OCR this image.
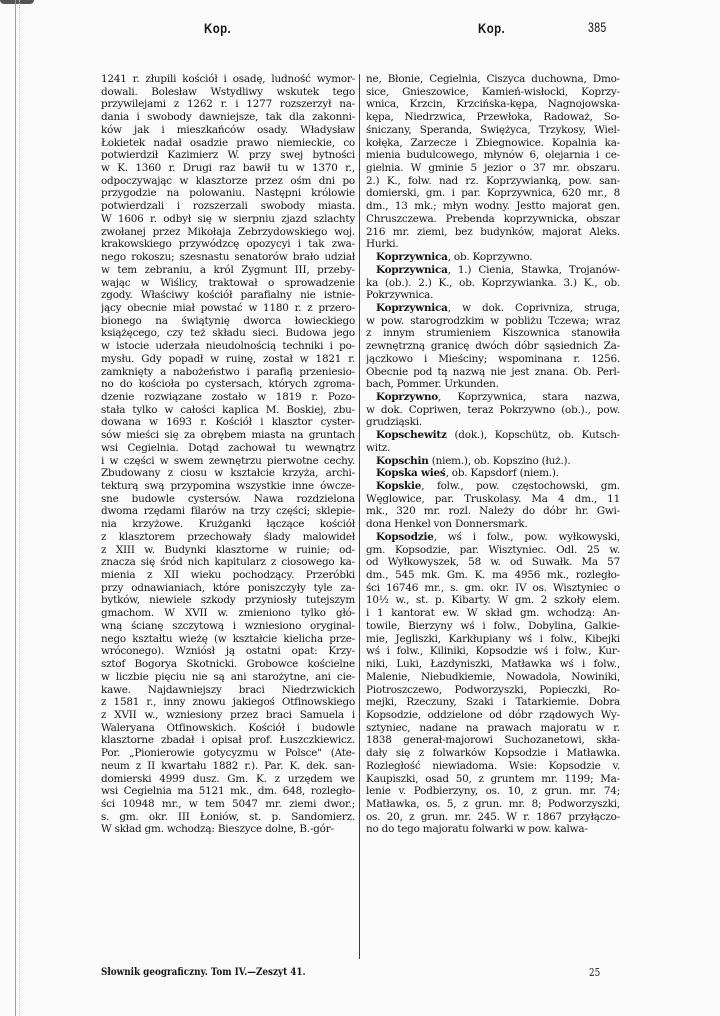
Kop.	Kop.	385
1241 r. złupili kościół i osadę, ludność wymor-
dowali. Bolesław Wstydliwy wskutek tego
przywilejami z 1262 r. i 1277 rozszerzył na-
dania i swobody dawniejsze, tak dla zakonni-
ków jak i mieszkańców osady. Władysław
Łokietek nadał osadzie prawo niemieckie, co
potwierdził Kazimierz W. przy swej bytności
w K. 1360 r. Drugi raz bawił tu w 1370 r.,
odpoczywając w klasztorze przez ośm dni po
przygodzie na polowaniu. Następni królowie
potwierdzali i rozszerzali swobody miasta.
W 1606 r. odbył się w sierpniu zjazd szlachty
zwołanej przez Mikołaja Zebrzydowskiego woj.
krakowskiego przywódzcę opozycyi i tak zwa-
nego rokoszu; szesnastu senatorów brało udział
w tem zebraniu, a król Zygmunt III, przeby-
wając w Wiślicy, traktował o sprowadzenie
zgody. Właściwy kościół parafialny nie istnie-
jący obecnie miał powstać w 1180 r. z przero-
bionego na świątynię dworca łowieckiego
książęcego, czy też składu sieci. Budowa jego
w istocie uderzała nieudolnością techniki i po-
mysłu. Gdy popadł w ruinę, został w 1821 r.
zamknięty a nabożeństwo i parafią przeniesio-
no do kościoła po cystersach, których zgroma-
dzenie rozwiązane zostało w 1819 r. Pozo-
stała tylko w całości kaplica M. Boskiej, zbu-
dowana w 1693 r. Kościół i klasztor cyster-
sów mieści się za obrębem miasta na gruntach
wsi Cegielnia. Dotąd zachował tu wewnątrz
i w części w swem zewnętrzu pierwotne cechy.
Zbudowany z ciosu w kształcie krzyża, archi-
tekturą swą przypomina wszystkie inne ówcze-
sne budowle cystersów. Nawa rozdzielona
dwoma rzędami filarów na trzy części; sklepie-
nia krzyżowe. Krużganki łączące kościół
z klasztorem przechowały ślady malowideł
z XIII w. Budynki klasztorne w ruinie; od-
znacza się śród nich kapitularz z ciosowego ka-
mienia z XII wieku pochodzący. Przeróbki
przy odnawianiach, które poniszczyły tyle za-
bytków, niewiele szkody przyniosły tutejszym
gmachom. W XVII w. zmieniono tylko głó-
wną ścianę szczytową i wzniesiono oryginal-
nego kształtu wieżę (w kształcie kielicha prze-
wróconego). Wzniósł ją ostatni opat: Krzy-
sztof Bogorya Skotnicki. Grobowce kościelne
w liczbie pięciu nie są ani starożytne, ani cie-
kawe. Najdawniejszy braci Niedrzwickich
z 1581 r., inny znowu jakiegoś Otfinowskiego
z XVII w., wzniesiony przez braci Samuela i
Waleryana Otfinowskich. Kościół i budowle
klasztorne zbadał i opisał prof. Łuszczkiewicz.
Por. „Pionierowie gotycyzmu w Polsce" (Ate-
neum z II kwartału 1882 r.). Par. K. dek. san-
domierski 4999 dusz. Gm. K. z urzędem we
wsi Cegielnia ma 5121 mk., dm. 648, rozległo-
ści 10948 mr., w tem 5047 mr. ziemi dwor.;
s. gm. okr. III Łoniów, st. p. Sandomierz.
W skład gm. wchodzą: Bieszyce dolne, B.-gór-
ne, Błonie, Cegielnia, Ciszyca duchowna, Dmo-
sice, Gnieszowice, Kamień-wisłocki, Koprzy-
wnica, Krzcin, Krzcińska-kępa, Nagnojowska-
kępa, Niedrzwica, Przewłoka, Radoważ, So-
śniczany, Speranda, Świężyca, Trzykosy, Wiel-
kołęka, Zarzecze i Zbiegnowice. Kopalnia ka-
mienia budulcowego, młynów 6, olejarnia i ce-
gielnia. W gminie 5 jezior o 37 mr. obszaru.
2.) K., folw. nad rz. Koprzywianką, pow. san-
domierski, gm. i par. Koprzywnica, 620 mr., 8
dm., 13 mk.; młyn wodny. Jestto majorat gen.
Chruszczewa. Prebenda koprzywnicka, obszar
216 mr. ziemi, bez budynków, majorat Aleks.
Hurki.
Koprzywnica, ob. Koprzywno.
Koprzywnica, 1.) Cienia, Stawka, Trojanów-
ka (ob.). 2.) K., ob. Koprzywianka. 3.) K., ob.
Pokrzywnica.
Koprzywnica, w dok. Coprivniza, struga,
w pow. starogrodzkim w pobliżu Tczewa; wraz
z innym strumieniem Kiszownica stanowiła
zewnętrzną granicę dwóch dóbr sąsiednich Za-
jączkowo i Mieściny; wspominana r. 1256.
Obecnie pod tą nazwą nie jest znana. Ob. Perl-
bach, Pommer. Urkunden.
Koprzywno, Koprzywnica, stara nazwa,
w dok. Coprіwen, teraz Pokrzywno (ob.)., pow.
grudziąski.
Kopschewitz (dok.), Kopschütz, ob. Kutsch-
witz.
Kopschin (niem.), ob. Kopszino (łuż.).
Kopska wieś, ob. Kapsdorf (niem.).
Kopskie, folw., pow. częstochowski, gm.
Węglowice, par. Truskolasy. Ma 4 dm., 11
mk., 320 mr. rozl. Należy do dóbr hr. Gwi-
dona Henkel von Donnersmark.
Kopsodzie, wś i folw., pow. wyłkowyski,
gm. Kopsodzie, par. Wisztyniec. Odl. 25 w.
od Wyłkowyszek, 58 w. od Suwałk. Ma 57
dm., 545 mk. Gm. K. ma 4956 mk., rozległo-
ści 16746 mr., s. gm. okr. IV os. Wisztyniec o
10½ w., st. p. Kibarty. W gm. 2 szkoły elem.
i 1 kantorat ew. W skład gm. wchodzą: An-
towile, Bierzyny wś i folw., Dobylina, Galkie-
mie, Jegliszki, Karkłupiany wś i folw., Kibejki
wś i folw., Kiliniki, Kopsodzie wś i folw., Kur-
niki, Luki, Łazdyniszki, Matławka wś i folw.,
Malenie, Niebudkiemie, Nowadola, Nowiniki,
Piotroszczewo, Podworzyszki, Popieczki, Ro-
mejki, Rzeczuny, Szaki i Tatarkiemie. Dobra
Kopsodzie, oddzielone od dóbr rządowych Wy-
sztyniec, nadane na prawach majoratu w r.
1838 generał-majorowi Suchozanetowi, skła-
dały się z folwarków Kopsodzie i Matławka.
Rozległość niewiadoma. Wsie: Kopsodzie v.
Kaupiszki, osad 50, z gruntem mr. 1199; Ma-
lenie v. Podbierzyny, os. 10, z grun. mr. 74;
Matławka, os. 5, z grun. mr. 8; Podworzyszki,
os. 20, z grun. mr. 245. W r. 1867 przyłączo-
no do tego majoratu folwarki w pow. kalwa-
Słownik geograficzny. Tom IV.—Zeszyt 41.	25
